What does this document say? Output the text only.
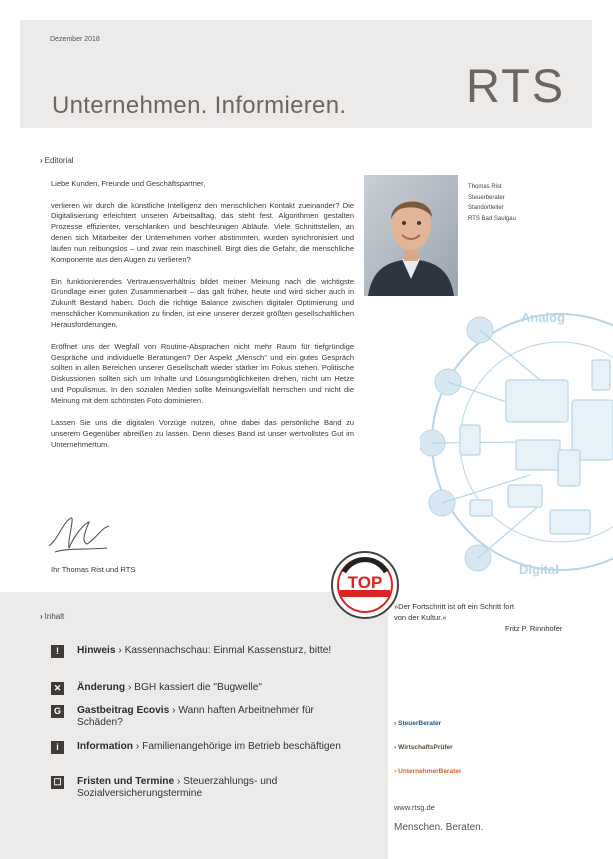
Dezember 2018
RTS
Unternehmen. Informieren.
› Editorial

Liebe Kunden, Freunde und Geschäftspartner,

verlieren wir durch die künstliche Intelligenz den menschlichen Kontakt zueinander? Die Digitalisierung erleichtert unseren Arbeitsalltag, das steht fest. Algorithmen gestalten Prozesse effizienter, verschlanken und beschleunigen Abläufe. Viele Schnittstellen, an denen sich Mitarbeiter der Unternehmen vorher abstimmten, wurden synchronisiert und laufen nun reibungslos – und zwar rein maschinell. Birgt dies die Gefahr, die menschliche Komponente aus den Augen zu verlieren?

Ein funktionierendes Vertrauensverhältnis bildet meiner Meinung nach die wichtigste Grundlage einer guten Zusammenarbeit – das galt früher, heute und wird sicher auch in Zukunft Bestand haben. Doch die richtige Balance zwischen digitaler Optimierung und menschlicher Kommunikation zu finden, ist eine unserer derzeit größten gesellschaftlichen Herausforderungen.

Eröffnet uns der Wegfall von Routine-Absprachen nicht mehr Raum für tiefgründige Gespräche und individuelle Beratungen? Der Aspekt „Mensch" und ein gutes Gespräch sollten in allen Bereichen unserer Gesellschaft wieder stärker im Fokus stehen. Politische Diskussionen sollten sich um Inhalte und Lösungsmöglichkeiten drehen, nicht um Hetze und Populismus. In den sozialen Medien sollte Meinungsvielfalt herrschen und nicht die Meinung mit dem schönsten Foto dominieren.

Lassen Sie uns die digitalen Vorzüge nutzen, ohne dabei das persönliche Band zu unserem Gegenüber abreißen zu lassen. Denn dieses Band ist unser wertvollstes Gut im Unternehmertum.

Thomas Rist
Steuerberater
Standortleiter
RTS Bad Saulgau
Analog
Digital
Ihr Thomas Rist und RTS
TOP
› Inhalt
!	Hinweis › Kassennachschau: Einmal Kassensturz, bitte!
✕ Änderung › BGH kassiert die "Bugwelle"
G Gastbeitrag Ecovis › Wann haften Arbeitnehmer für Schäden?
i	Information › Familienangehörige im Betrieb beschäftigen
☐ Fristen und Termine › Steuerzahlungs- und Sozialversicherungstermine
»Der Fortschritt ist oft ein Schritt fort
von der Kultur.«
Fritz P. Rinnhofer
› SteuerBerater
› WirtschaftsPrüfer
› UnternehmerBerater
www.rtsg.de
Menschen. Beraten.
